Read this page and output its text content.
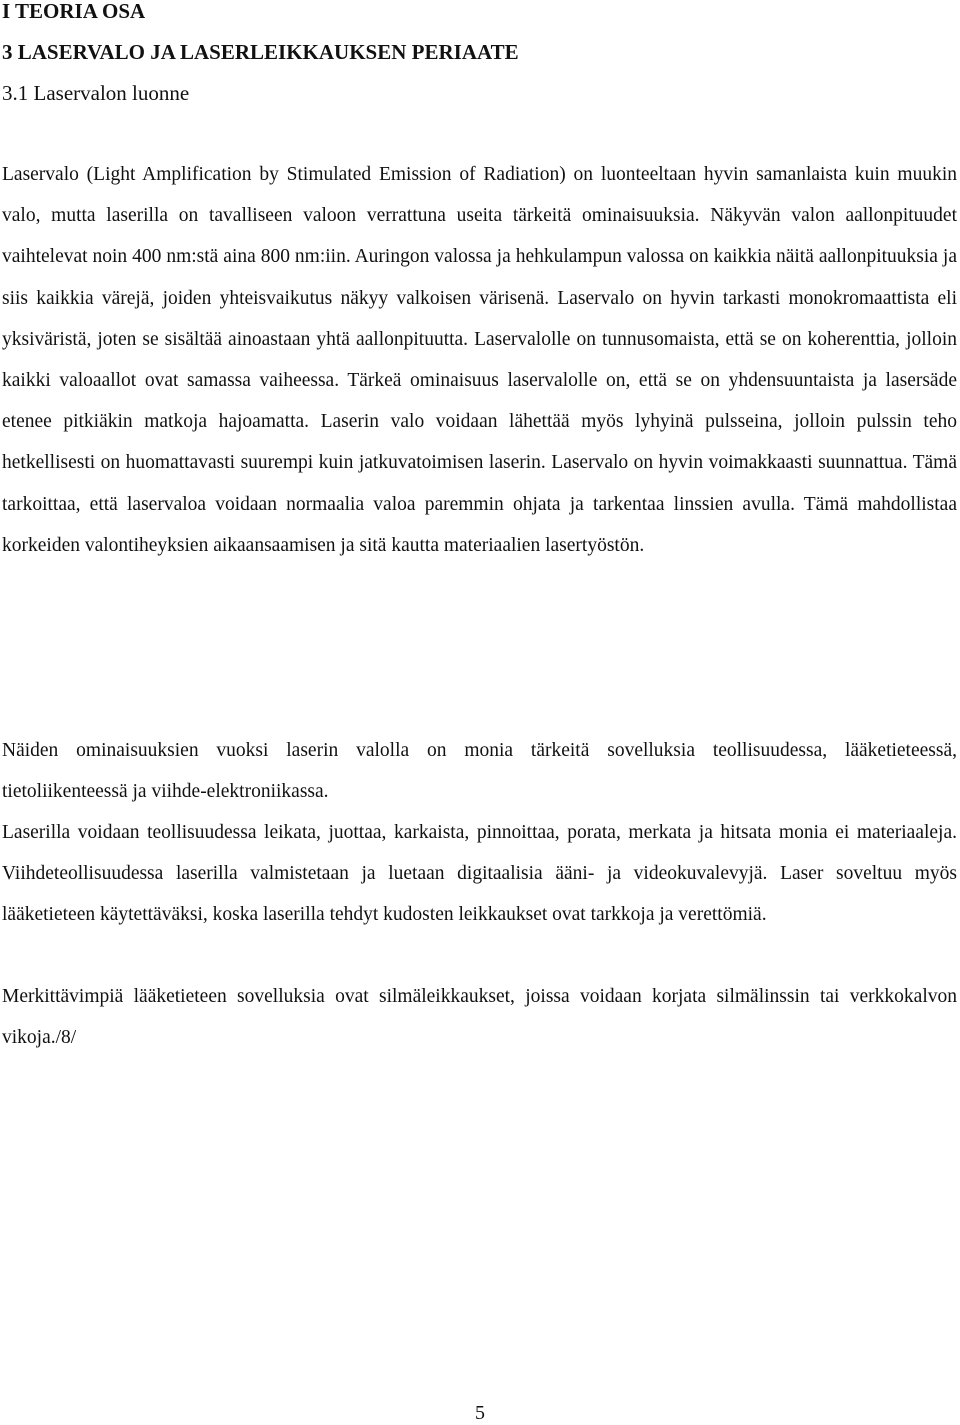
I TEORIA OSA
3 LASERVALO JA LASERLEIKKAUKSEN PERIAATE
3.1 Laservalon luonne

Laservalo (Light Amplification by Stimulated Emission of Radiation) on luonteeltaan hyvin samanlaista kuin muukin valo, mutta laserilla on tavalliseen valoon verrattuna useita tärkeitä ominaisuuksia. Näkyvän valon aallonpituudet vaihtelevat noin 400 nm:stä aina 800 nm:iin. Auringon valossa ja hehkulampun valossa on kaikkia näitä aallonpituuksia ja siis kaikkia värejä, joiden yhteisvaikutus näkyy valkoisen värisenä. Laservalo on hyvin tarkasti monokromaattista eli yksiväristä, joten se sisältää ainoastaan yhtä aallonpituutta. Laservalolle on tunnusomaista, että se on koherenttia, jolloin kaikki valoaallot ovat samassa vaiheessa. Tärkeä ominaisuus laservalolle on, että se on yhdensuuntaista ja lasersäde etenee pitkiäkin matkoja hajoamatta. Laserin valo voidaan lähettää myös lyhyinä pulsseina, jolloin pulssin teho hetkellisesti on huomattavasti suurempi kuin jatkuvatoimisen laserin. Laservalo on hyvin voimakkaasti suunnattua. Tämä tarkoittaa, että laservaloa voidaan normaalia valoa paremmin ohjata ja tarkentaa linssien avulla. Tämä mahdollistaa korkeiden valontiheyksien aikaansaamisen ja sitä kautta materiaalien lasertyöstön.

Näiden ominaisuuksien vuoksi laserin valolla on monia tärkeitä sovelluksia teollisuudessa, lääketieteessä, tietoliikenteessä ja viihde-elektroniikassa.

Laserilla voidaan teollisuudessa leikata, juottaa, karkaista, pinnoittaa, porata, merkata ja hitsata monia ei materiaaleja. Viihdeteollisuudessa laserilla valmistetaan ja luetaan digitaalisia ääni- ja videokuvalevyjä. Laser soveltuu myös lääketieteen käytettäväksi, koska laserilla tehdyt kudosten leikkaukset ovat tarkkoja ja verettömiä.

Merkittävimpiä lääketieteen sovelluksia ovat silmäleikkaukset, joissa voidaan korjata silmälinssin tai verkkokalvon vikoja./8/

5
